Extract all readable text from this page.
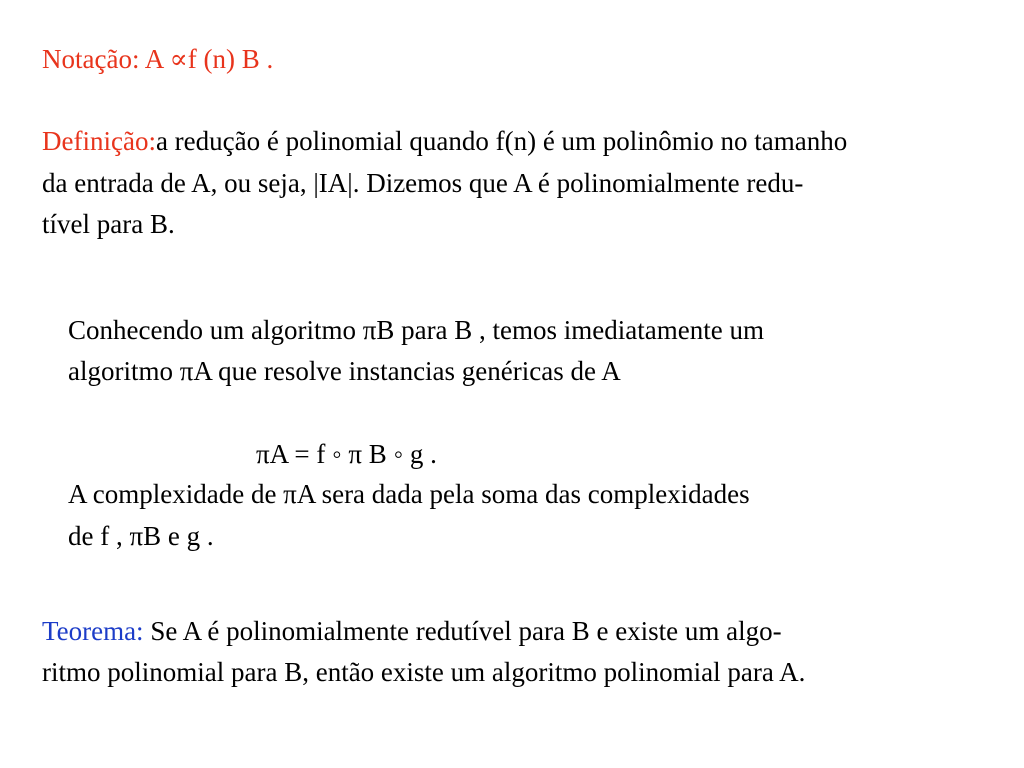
Notação: A ∝f (n) B .
Definição:a redução é polinomial quando f(n) é um polinômio no tamanho
da entrada de A, ou seja, |IA|. Dizemos que A é polinomialmente redu-
tível para B.
Conhecendo um algoritmo πB para B , temos imediatamente um
algoritmo πA que resolve instancias genéricas de A
πA = f ◦ π B ◦ g .
A complexidade de πA sera dada pela soma das complexidades
de f , πB e g .
Teorema: Se A é polinomialmente redutível para B e existe um algo-
ritmo polinomial para B, então existe um algoritmo polinomial para A.
